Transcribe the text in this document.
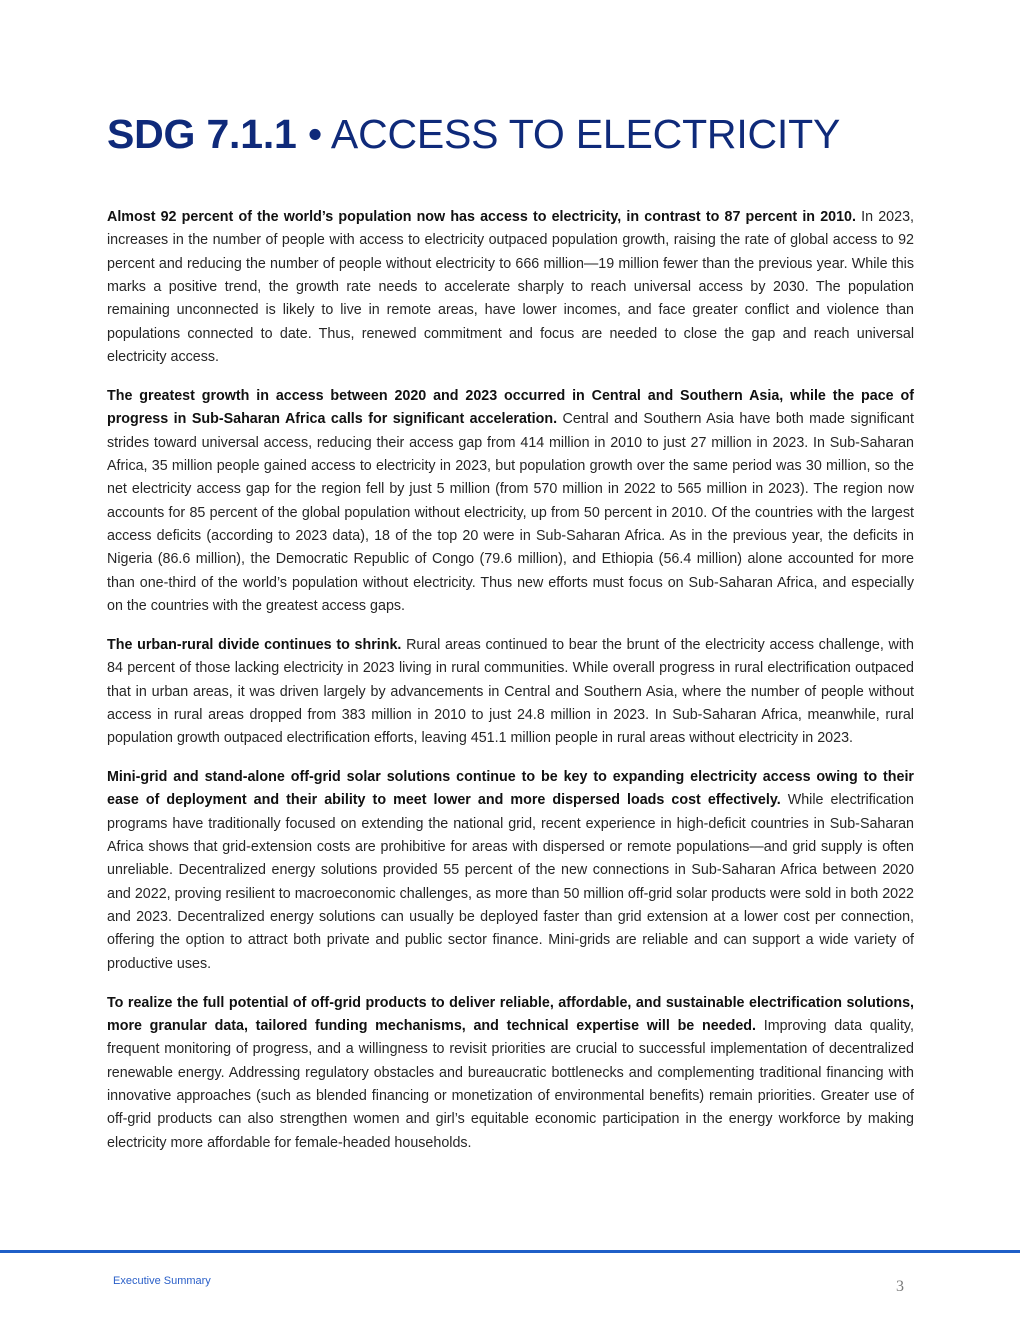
SDG 7.1.1 • ACCESS TO ELECTRICITY

Almost 92 percent of the world’s population now has access to electricity, in contrast to 87 percent in 2010. In 2023, increases in the number of people with access to electricity outpaced population growth, raising the rate of global access to 92 percent and reducing the number of people without electricity to 666 million—19 million fewer than the previous year. While this marks a positive trend, the growth rate needs to accelerate sharply to reach universal access by 2030. The population remaining unconnected is likely to live in remote areas, have lower incomes, and face greater conflict and violence than populations connected to date. Thus, renewed commitment and focus are needed to close the gap and reach universal electricity access.

The greatest growth in access between 2020 and 2023 occurred in Central and Southern Asia, while the pace of progress in Sub-Saharan Africa calls for significant acceleration. Central and Southern Asia have both made significant strides toward universal access, reducing their access gap from 414 million in 2010 to just 27 million in 2023. In Sub-Saharan Africa, 35 million people gained access to electricity in 2023, but population growth over the same period was 30 million, so the net electricity access gap for the region fell by just 5 million (from 570 million in 2022 to 565 million in 2023). The region now accounts for 85 percent of the global population without electricity, up from 50 percent in 2010. Of the countries with the largest access deficits (according to 2023 data), 18 of the top 20 were in Sub-Saharan Africa. As in the previous year, the deficits in Nigeria (86.6 million), the Democratic Republic of Congo (79.6 million), and Ethiopia (56.4 million) alone accounted for more than one-third of the world’s population without electricity. Thus new efforts must focus on Sub-Saharan Africa, and especially on the countries with the greatest access gaps.

The urban-rural divide continues to shrink. Rural areas continued to bear the brunt of the electricity access challenge, with 84 percent of those lacking electricity in 2023 living in rural communities. While overall progress in rural electrification outpaced that in urban areas, it was driven largely by advancements in Central and Southern Asia, where the number of people without access in rural areas dropped from 383 million in 2010 to just 24.8 million in 2023. In Sub-Saharan Africa, meanwhile, rural population growth outpaced electrification efforts, leaving 451.1 million people in rural areas without electricity in 2023.

Mini-grid and stand-alone off-grid solar solutions continue to be key to expanding electricity access owing to their ease of deployment and their ability to meet lower and more dispersed loads cost effectively. While electrification programs have traditionally focused on extending the national grid, recent experience in high-deficit countries in Sub-Saharan Africa shows that grid-extension costs are prohibitive for areas with dispersed or remote populations—and grid supply is often unreliable. Decentralized energy solutions provided 55 percent of the new connections in Sub-Saharan Africa between 2020 and 2022, proving resilient to macroeconomic challenges, as more than 50 million off-grid solar products were sold in both 2022 and 2023. Decentralized energy solutions can usually be deployed faster than grid extension at a lower cost per connection, offering the option to attract both private and public sector finance. Mini-grids are reliable and can support a wide variety of productive uses.

To realize the full potential of off-grid products to deliver reliable, affordable, and sustainable electrification solutions, more granular data, tailored funding mechanisms, and technical expertise will be needed. Improving data quality, frequent monitoring of progress, and a willingness to revisit priorities are crucial to successful implementation of decentralized renewable energy. Addressing regulatory obstacles and bureaucratic bottlenecks and complementing traditional financing with innovative approaches (such as blended financing or monetization of environmental benefits) remain priorities. Greater use of off-grid products can also strengthen women and girl’s equitable economic participation in the energy workforce by making electricity more affordable for female-headed households.

Executive Summary	3
